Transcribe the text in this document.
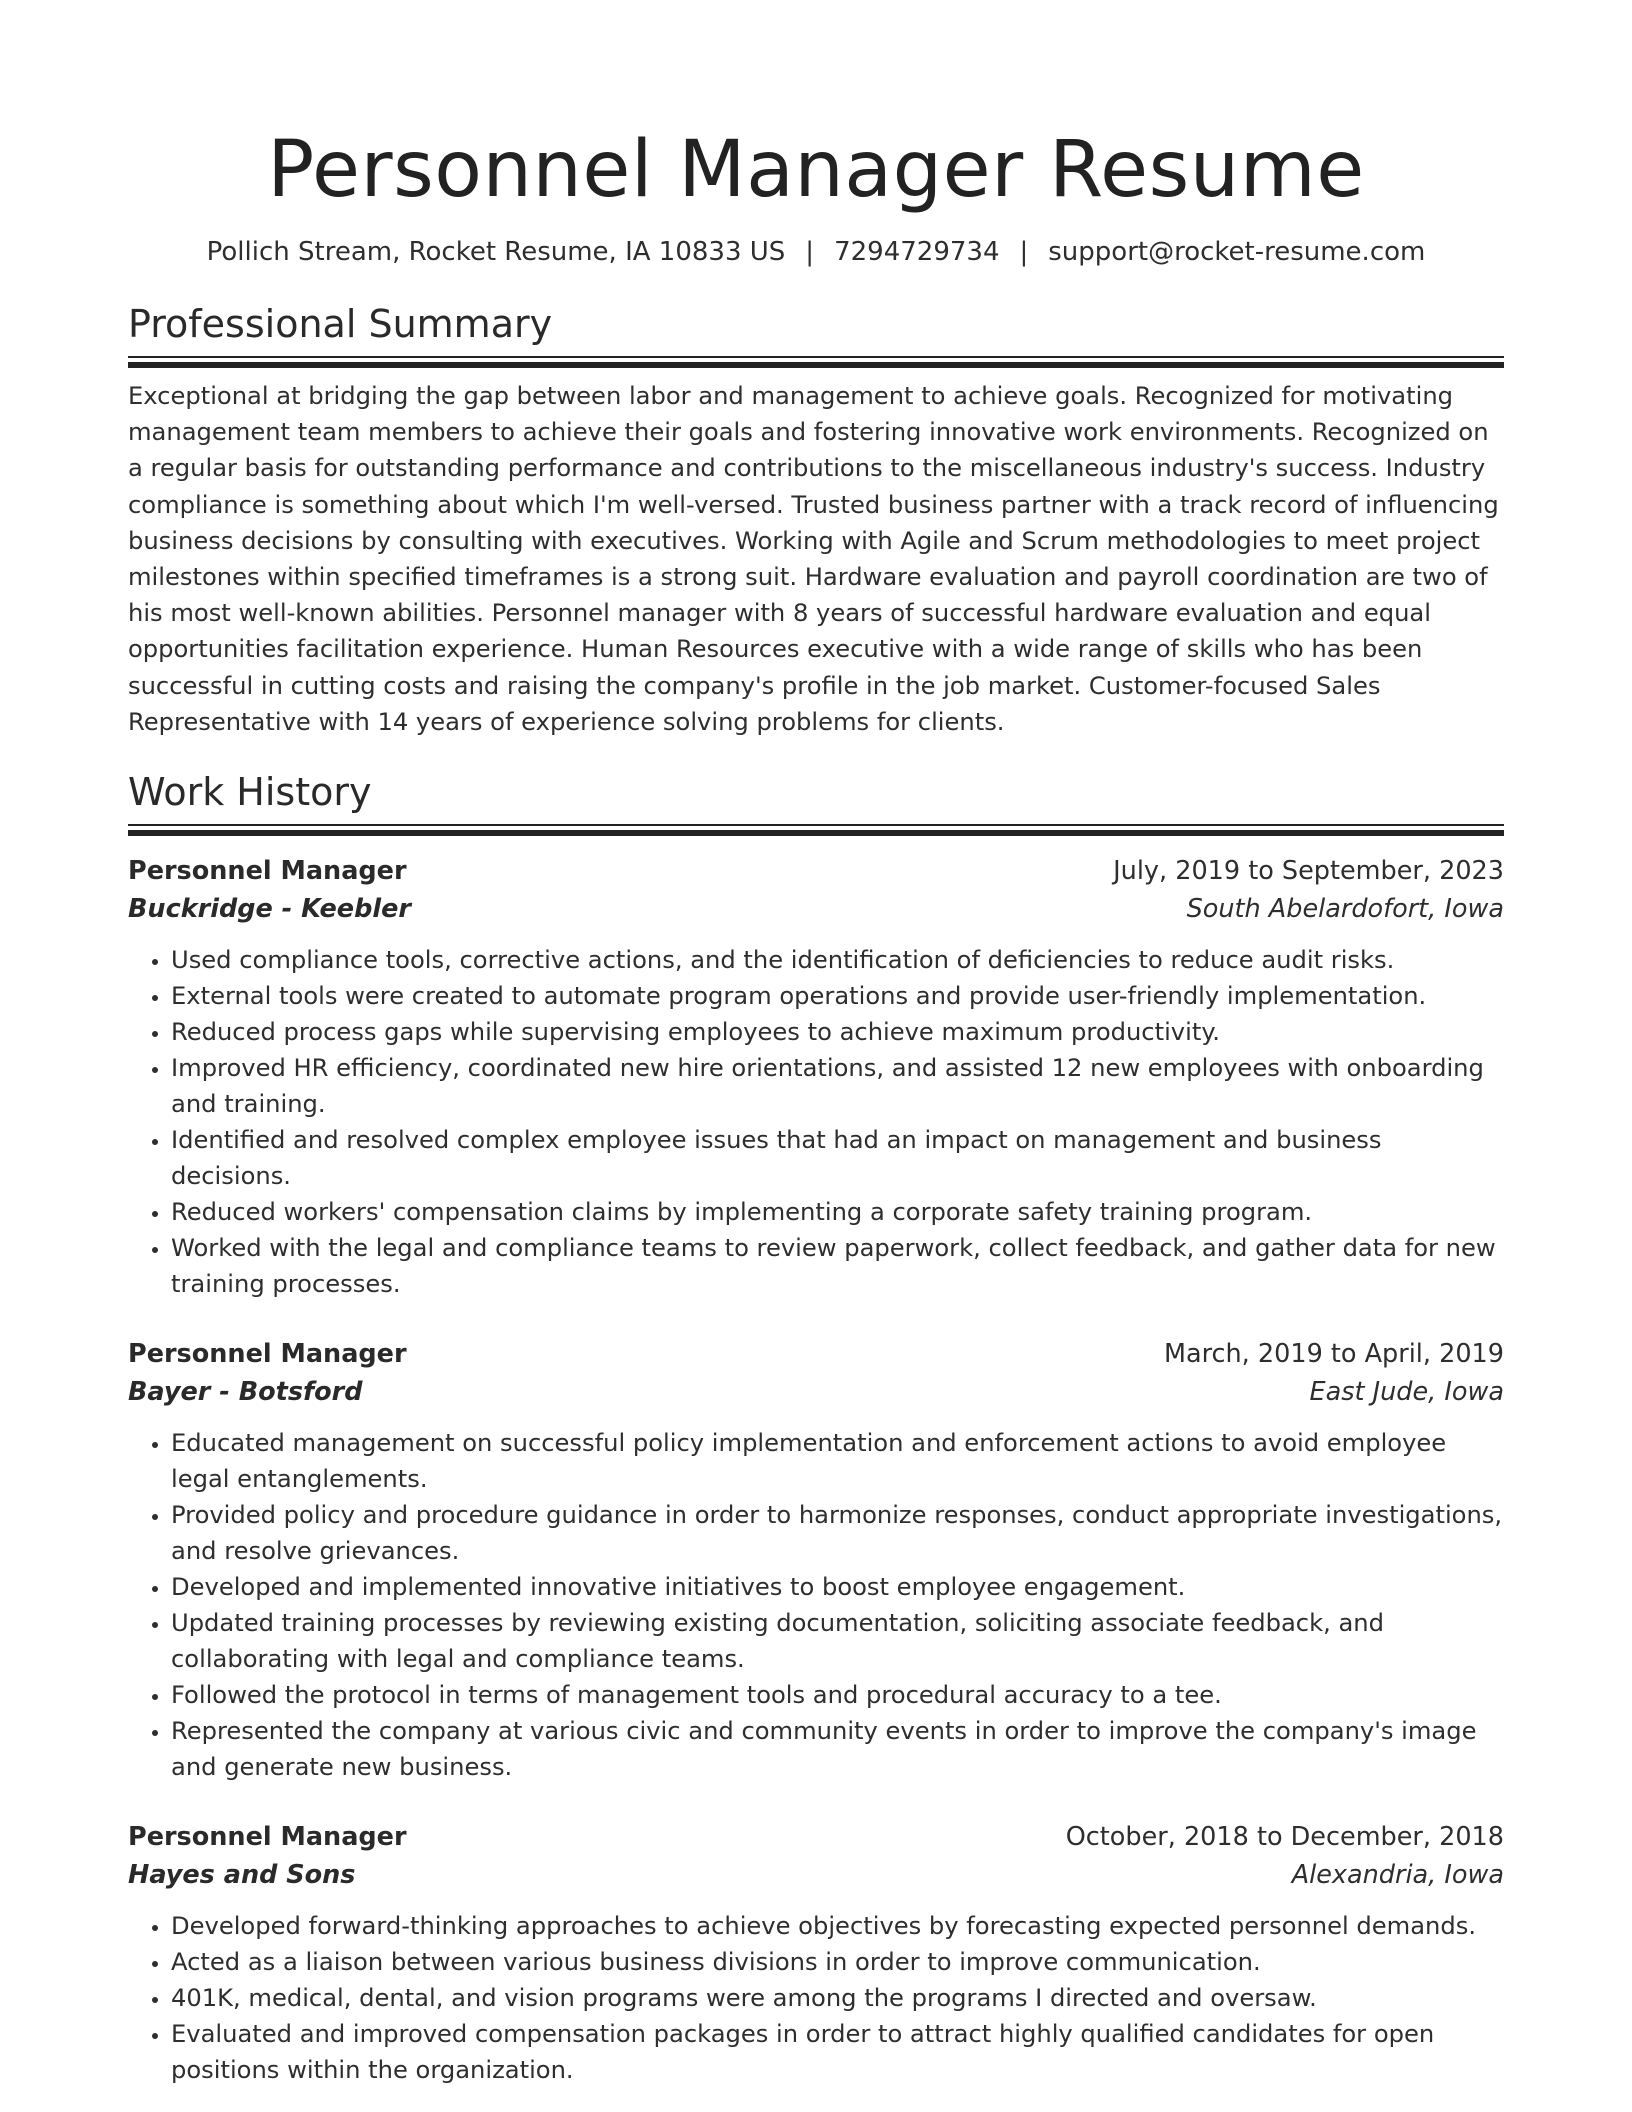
Personnel Manager Resume
Pollich Stream, Rocket Resume, IA 10833 US | 7294729734 | support@rocket-resume.com
Professional Summary

Exceptional at bridging the gap between labor and management to achieve goals. Recognized for motivating management team members to achieve their goals and fostering innovative work environments. Recognized on a regular basis for outstanding performance and contributions to the miscellaneous industry's success. Industry compliance is something about which I'm well-versed. Trusted business partner with a track record of influencing business decisions by consulting with executives. Working with Agile and Scrum methodologies to meet project milestones within specified timeframes is a strong suit. Hardware evaluation and payroll coordination are two of his most well-known abilities. Personnel manager with 8 years of successful hardware evaluation and equal opportunities facilitation experience. Human Resources executive with a wide range of skills who has been successful in cutting costs and raising the company's profile in the job market. Customer-focused Sales Representative with 14 years of experience solving problems for clients.

Work History
Personnel Manager	July, 2019 to September, 2023
Buckridge - Keebler	South Abelardofort, Iowa
• Used compliance tools, corrective actions, and the identification of deficiencies to reduce audit risks.
• External tools were created to automate program operations and provide user-friendly implementation.
• Reduced process gaps while supervising employees to achieve maximum productivity.
• Improved HR efficiency, coordinated new hire orientations, and assisted 12 new employees with onboarding and training.
• Identified and resolved complex employee issues that had an impact on management and business decisions.
• Reduced workers' compensation claims by implementing a corporate safety training program.
• Worked with the legal and compliance teams to review paperwork, collect feedback, and gather data for new training processes.
Personnel Manager	March, 2019 to April, 2019
Bayer - Botsford	East Jude, Iowa
• Educated management on successful policy implementation and enforcement actions to avoid employee legal entanglements.
• Provided policy and procedure guidance in order to harmonize responses, conduct appropriate investigations, and resolve grievances.
• Developed and implemented innovative initiatives to boost employee engagement.
• Updated training processes by reviewing existing documentation, soliciting associate feedback, and collaborating with legal and compliance teams.
• Followed the protocol in terms of management tools and procedural accuracy to a tee.
• Represented the company at various civic and community events in order to improve the company's image and generate new business.
Personnel Manager	October, 2018 to December, 2018
Hayes and Sons	Alexandria, Iowa
• Developed forward-thinking approaches to achieve objectives by forecasting expected personnel demands.
• Acted as a liaison between various business divisions in order to improve communication.
• 401K, medical, dental, and vision programs were among the programs I directed and oversaw.
• Evaluated and improved compensation packages in order to attract highly qualified candidates for open positions within the organization.
